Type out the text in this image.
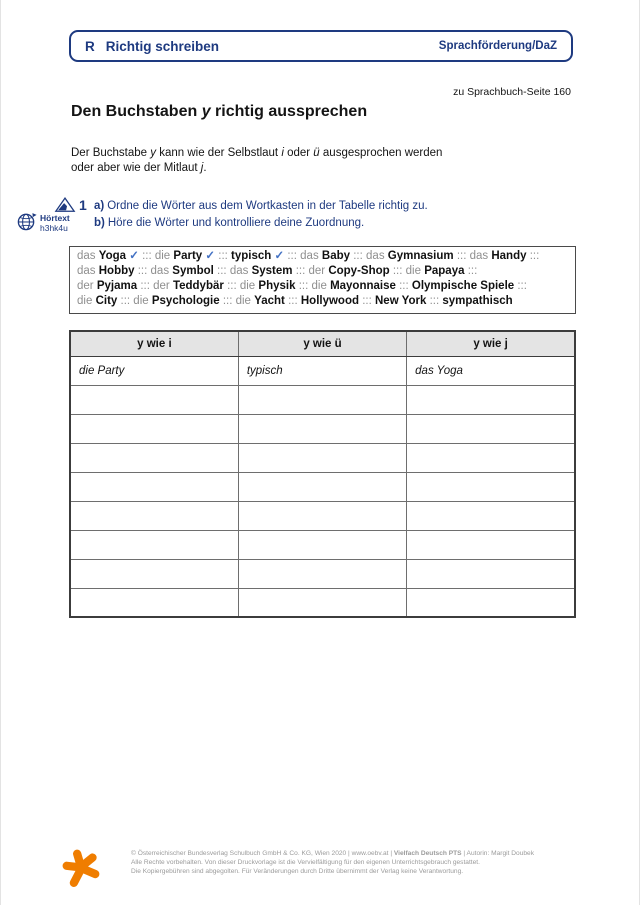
R Richtig schreiben	Sprachförderung/DaZ
zu Sprachbuch-Seite 160
Den Buchstaben y richtig aussprechen
Der Buchstabe y kann wie der Selbstlaut i oder ü ausgesprochen werden
oder aber wie der Mitlaut j.
1 a) Ordne die Wörter aus dem Wortkasten in der Tabelle richtig zu.
b) Höre die Wörter und kontrolliere deine Zuordnung.
Hörtext
h3hk4u
das Yoga ✓ ::: die Party ✓ ::: typisch ✓ ::: das Baby ::: das Gymnasium ::: das Handy :::
das Hobby ::: das Symbol ::: das System ::: der Copy-Shop ::: die Papaya :::
der Pyjama ::: der Teddybär ::: die Physik ::: die Mayonnaise ::: Olympische Spiele :::
die City ::: die Psychologie ::: die Yacht ::: Hollywood ::: New York ::: sympathisch
y wie i	y wie ü	y wie j
die Party	typisch	das Yoga

© Österreichischer Bundesverlag Schulbuch GmbH & Co. KG, Wien 2020 | www.oebv.at | Vielfach Deutsch PTS | Autorin: Margit Doubek
Alle Rechte vorbehalten. Von dieser Druckvorlage ist die Vervielfältigung für den eigenen Unterrichtsgebrauch gestattet.
Die Kopiergebühren sind abgegolten. Für Veränderungen durch Dritte übernimmt der Verlag keine Verantwortung.
